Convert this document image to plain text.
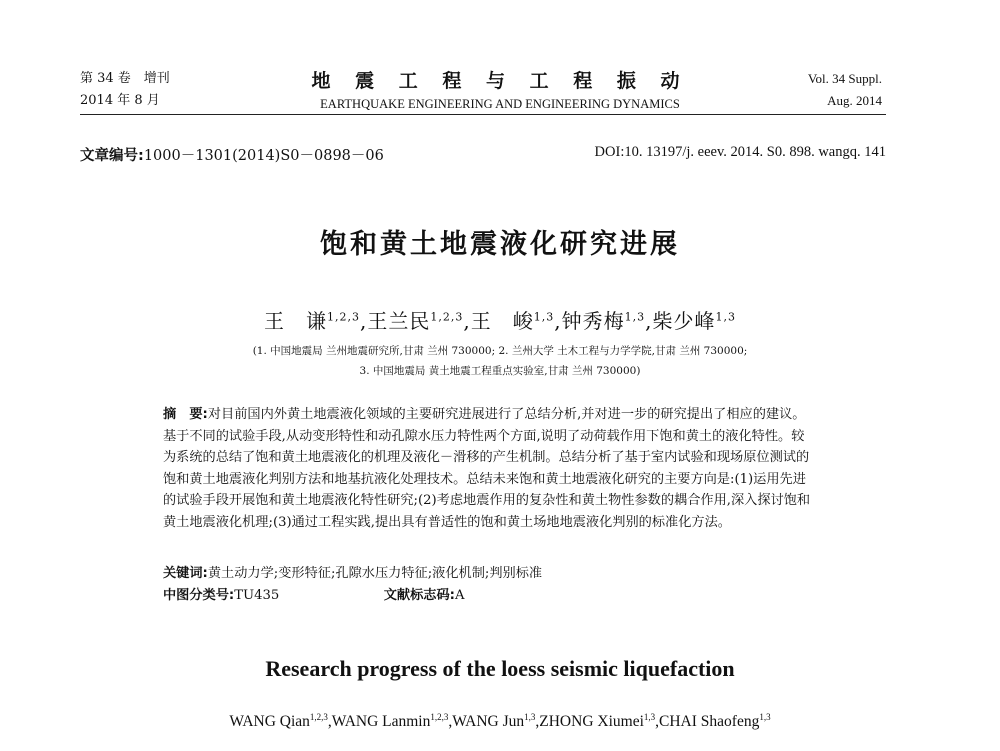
第 34 卷　增刊
2014 年 8 月
地 震 工 程 与 工 程 振 动
EARTHQUAKE ENGINEERING AND ENGINEERING DYNAMICS
Vol. 34 Suppl.
Aug. 2014
文章编号:1000－1301(2014)S0－0898－06	DOI:10. 13197/j. eeev. 2014. S0. 898. wangq. 141
饱和黄土地震液化研究进展
王　谦$^{1,2,3}$,王兰民$^{1,2,3}$,王　峻$^{1,3}$,钟秀梅$^{1,3}$,柴少峰$^{1,3}$
(1. 中国地震局 兰州地震研究所,甘肃 兰州 730000; 2. 兰州大学 土木工程与力学学院,甘肃 兰州 730000;
3. 中国地震局 黄土地震工程重点实验室,甘肃 兰州 730000)
摘　要:对目前国内外黄土地震液化领域的主要研究进展进行了总结分析,并对进一步的研究提出了相应的建议。基于不同的试验手段,从动变形特性和动孔隙水压力特性两个方面,说明了动荷载作用下饱和黄土的液化特性。较为系统的总结了饱和黄土地震液化的机理及液化－滑移的产生机制。总结分析了基于室内试验和现场原位测试的饱和黄土地震液化判别方法和地基抗液化处理技术。总结未来饱和黄土地震液化研究的主要方向是:(1)运用先进的试验手段开展饱和黄土地震液化特性研究;(2)考虑地震作用的复杂性和黄土物性参数的耦合作用,深入探讨饱和黄土地震液化机理;(3)通过工程实践,提出具有普适性的饱和黄土场地地震液化判别的标准化方法。
关键词:黄土动力学;变形特征;孔隙水压力特征;液化机制;判别标准
中图分类号:TU435	文献标志码:A
Research progress of the loess seismic liquefaction
WANG Qian$^{1,2,3}$,WANG Lanmin$^{1,2,3}$,WANG Jun$^{1,3}$,ZHONG Xiumei$^{1,3}$,CHAI Shaofeng$^{1,3}$
